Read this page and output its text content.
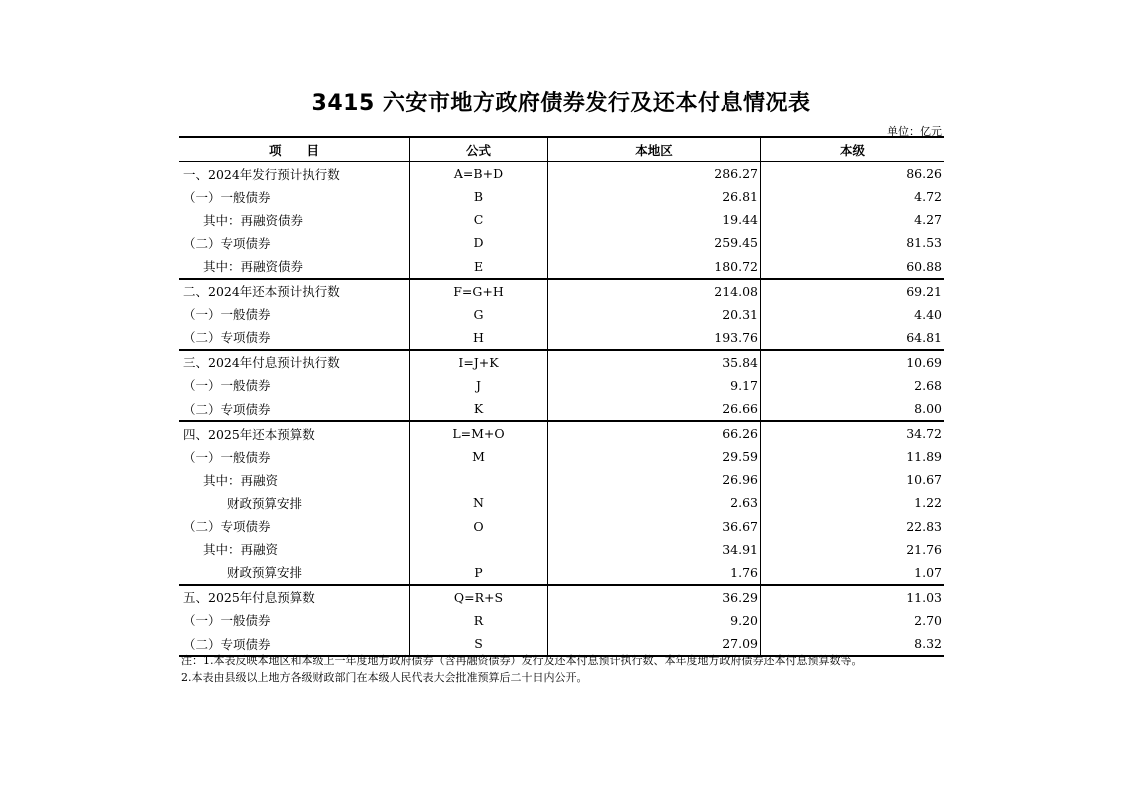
3415 六安市地方政府债券发行及还本付息情况表
单位：亿元
项　　目	公式	本地区	本级
一、2024年发行预计执行数	A=B+D	286.27	86.26
（一）一般债券	B	26.81	4.72
其中：再融资债券	C	19.44	4.27
（二）专项债券	D	259.45	81.53
其中：再融资债券	E	180.72	60.88
二、2024年还本预计执行数	F=G+H	214.08	69.21
（一）一般债券	G	20.31	4.40
（二）专项债券	H	193.76	64.81
三、2024年付息预计执行数	I=J+K	35.84	10.69
（一）一般债券	J	9.17	2.68
（二）专项债券	K	26.66	8.00
四、2025年还本预算数	L=M+O	66.26	34.72
（一）一般债券	M	29.59	11.89
其中：再融资		26.96	10.67
财政预算安排	N	2.63	1.22
（二）专项债券	O	36.67	22.83
其中：再融资		34.91	21.76
财政预算安排	P	1.76	1.07
五、2025年付息预算数	Q=R+S	36.29	11.03
（一）一般债券	R	9.20	2.70
（二）专项债券	S	27.09	8.32
注：1.本表反映本地区和本级上一年度地方政府债券（含再融资债券）发行及还本付息预计执行数、本年度地方政府债券还本付息预算数等。
2.本表由县级以上地方各级财政部门在本级人民代表大会批准预算后二十日内公开。
